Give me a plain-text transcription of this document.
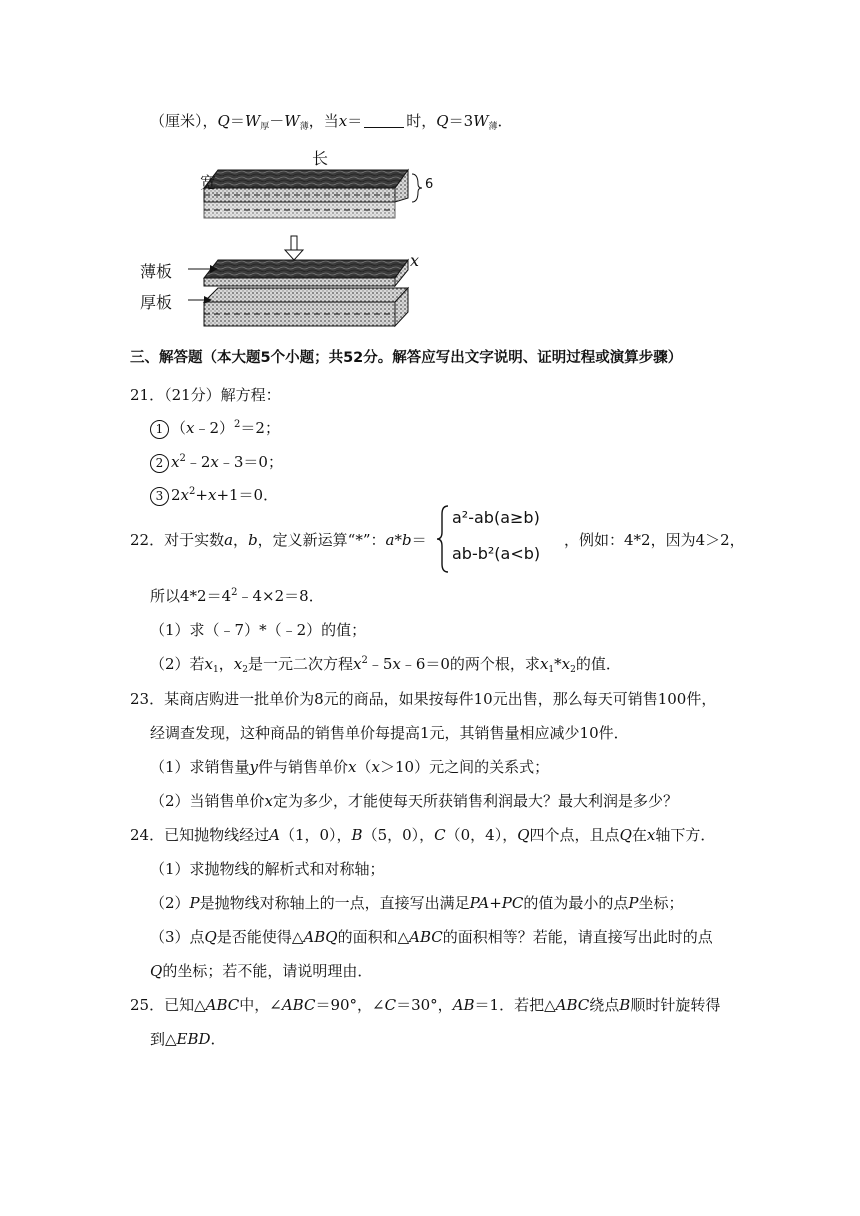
（厘米），$Q=W_厚-W_薄$，当x＝	时，$Q=3W_薄$．
长
宽	6
薄板
厚板
x
三、解答题（本大题5个小题；共52分。解答应写出文字说明、证明过程或演算步骤）
21．（21分）解方程：
1 （x﹣2）$^2$＝2；
2 $x^2﹣2x﹣3=0$；
3 $2x^2+x+1=0$．
22．对于实数a，b，定义新运算“*”：a*b＝
a²-ab(a≥b)
ab-b²(a<b)
，例如：4*2，因为4＞2，
所以$4*2=4^2﹣4\times 2=8$．
（1）求（﹣7）*（﹣2）的值；
（2）若$x_1$，$x_2$是一元二次方程$x^2﹣5x﹣6=0$的两个根，求$x_1*x_2$的值．
23．某商店购进一批单价为8元的商品，如果按每件10元出售，那么每天可销售100件，
经调查发现，这种商品的销售单价每提高1元，其销售量相应减少10件．
（1）求销售量y件与销售单价x（x＞10）元之间的关系式；
（2）当销售单价x定为多少，才能使每天所获销售利润最大？最大利润是多少？
24．已知抛物线经过A（1，0），B（5，0），C（0，4），Q四个点，且点Q在x轴下方．
（1）求抛物线的解析式和对称轴；
（2）P是抛物线对称轴上的一点，直接写出满足PA+PC的值为最小的点P坐标；
（3）点Q是否能使得△ABQ的面积和△ABC的面积相等？若能，请直接写出此时的点
Q的坐标；若不能，请说明理由．
25．已知△ABC中，∠ABC＝90°，∠C＝30°，AB＝1．若把△ABC绕点B顺时针旋转得
到△EBD．
